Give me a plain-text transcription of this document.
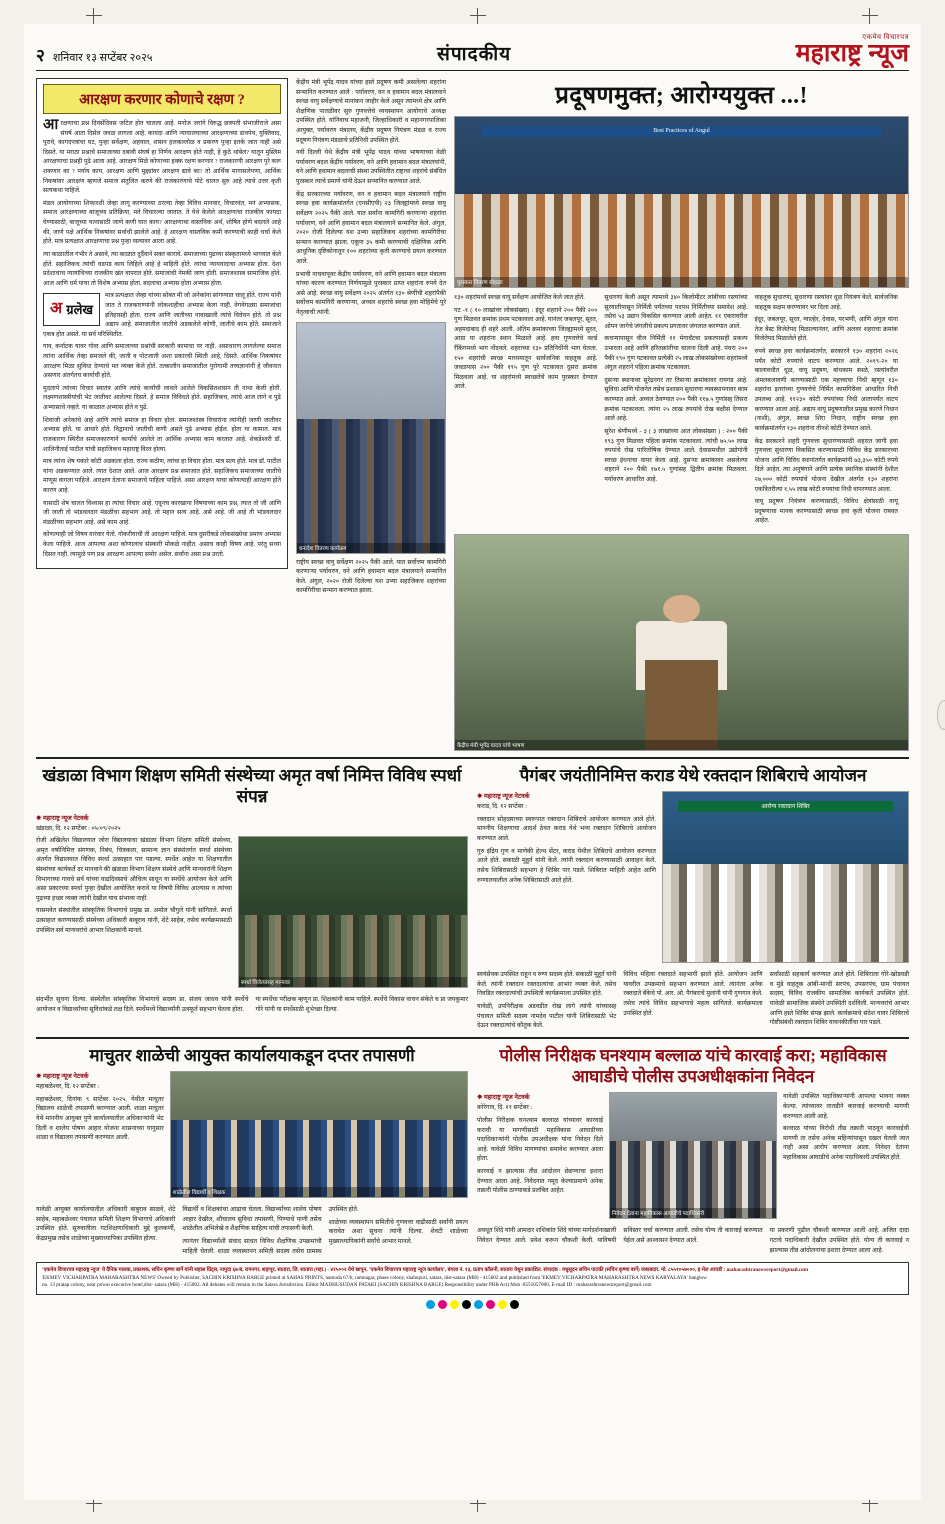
२ शनिवार १३ सप्टेंबर २०२५	संपादकीय
एकमेव विचारपत्र
महाराष्ट्र न्यूज
आरक्षण करणार कोणाचे रक्षण ?

आरक्षणाचा प्रश्न दिवसेंदिवस जटिल होत चालला आहे. मनोज जरांगे विरुद्ध छत्रपती संभाजीराजे असा संघर्ष आता दिसेल जवळ लागला आहे. कायदा आणि न्यायालयाच्या आरक्षणाच्या डावपेच, युक्तिवाद, पुरावे, कागदपत्रांचा घट, पुन्हा सर्वेक्षण, अहवाल, शासन हलकल्लोळ व प्रकरण पुन्हा इतके जात नाही असे दिसते. या मराठा प्रश्नाचे समाजाच्या दबावी संघर्ष हा निर्णय आरक्षण होते नाही, हे कुठे थांबेल? यातून मुस्लिम आरक्षणाचा प्रश्नही पुढे आला आहे. आरक्षण मिळे कोणाच्या हक्क रक्षण करणार ? राजकारणी आरक्षण पुरे करू शकणार का ? पर्याय काय, आरक्षण आणि मुद्द्यांवर आरक्षण द्यावे का? तो आर्थिक मागासलेपणा, आर्थिक निकषांवर आरक्षण म्हणजे समाज संतुलित करणे की राजकारणाचे पोटे चालत सुरु आहे त्याचे उत्तर कृती सत्यकथा पाहिजे.

मंडल आयोगाच्या शिफारशी जेव्हा लागू करण्याच्या ठरल्या तेव्हा विविध मानवार, विचारवंत, मनं अभ्यासक, समाज आरक्षणाच्या बाजूच्या प्रतिक्रिया, मते विचारल्या जातात. ते येथे केलेले आरक्षणाचा राजकीय फायदा घेण्यासाठी, बाजूच्या यत्नासाठी जाणे कणी घात काय? आरक्षणाचा वास्तविक अर्थ, शोषित होणे बदलले आहे की, जाणे पक्षे आर्थिक निकषांवर सर्वाधी झालेले आहे. हे आरक्षण वास्तविक कमी करण्याची काही चर्चा केले होते. मात्र प्रत्यक्षात आरक्षणाचा प्रश्न पुन्हा रस्त्यावर आला आहे.

त्या काळातील गंभीर ते असावे, त्या काळात दुर्दैवाने सक्त कारावे. समाजाच्या पुढच्या संस्कृतामध्ये भागवात केले होते. सहाजिकच त्यांची धडपड काय लिहिले आहे हे माहिती होते. त्यांचा न्यायवादाचा अभ्यास होता. देशा प्रदेशाचाच न्यायांचिच्या राजकीय खंत वापरात होते. समाजाची नेमकी जाण होती. समाजशास्त्र सामाजिक होते. आज आणि धर्म याचा तो विशेष अभ्यास होता. बदलाचा अभ्यास होता अभ्यास होता.

अ ग्रलेख

मात्र प्रत्यक्षात जेव्हा यांच्या सोबत मी जो अनेकांना सांगण्यात चालू होते. राज्य यांनी जात ते राजकारण्यांनी लोकशाहीचा अभ्यास केला नाही. वेगवेगळ्या समाजांचा इतिहासही होता. राज्य आणि जातीच्या नावाखाली त्यांचे विवेचन होते. तो प्रश्न अद्याप आहे. समाजातील जातीचे अडकलेले कोणी, जातीचे काम होते. समाजाने एकत्र होत असते. या सर्व परिस्थितीत.

गाव, कर्नाटक यावर गोवा आणि समाजाच्या प्रश्नांची सरकारी कामाचा पर नाही. असाधारण लागलेल्या समाज त्यांना आर्थिक तेव्हा समजले की, जाती व पोटजाती अशा प्रकारची स्थिती आहे, दिसते. आर्थिक निकषांवर आरक्षण मिळा सुविधा देण्याचे मत व्यक्त केले होते. तत्कालीन समाजातील पुरोगामी तत्त्वज्ञानांनी हे जीवनात असणार अंतर्गतच कार्याची होते.

मुदलापे त्यांच्या विचार स्वातंत्र आणि त्यांचे कार्यांची लावले आलेले विकसितशासन ती नाथा केली होती. लक्ष्मणशास्त्रीयांची भेट जातीवर आलेल्या दिसते. हे समाज विविधते होते. सहाजिकच, त्यांचे आज लागे व पुढे अभ्यासाचे नव्हते. या काळात अभ्यास होते व पुढे.

शिवाजी अनेकांचे आहे आणि त्यांचे समाज हा विचार होता. समाजशास्त्र विचारांना त्यांनीही जाणी जातीवर अभ्यास होते. या आधारे होते. विद्वानाचे जातीची कणी असते पुढे अभ्यास होईल. होता या कामात. मात्र राजकारण स्थिरीत समाजकारणाने कार्यांचे आलेले ता आर्थिक अभ्यास काम करतात आहे. शेकडेश्वरी डॉ. शालिनीताई पाटील यांची सहाजिकच महाराष्ट्र विरत होत्या.

मात्र त्यांना शेष यकारे कोटी अडकला होता. राज्य कठीण, त्यांचा हा विचार होता. मात्र सत्य होते. मात्र डॉ. पाटील यांना अडकण्यात आले. त्यात देशात आले. आज आरक्षण प्रश्न समाजात होते. सहाजिकच समाजाच्या जातीचे माणूस वागला पाहिजे. आरक्षण देताना समाजाचे पाहिला पाहिजे. असा आरक्षण याचा कोणत्याही आरक्षण होते कारण आहे.

यासाठी शेष चालत विश्वास हा त्यांचा विचार आहे. एवूनच कारखाना विषयाच्या काम प्रश्न, त्यात तो जी आणि जी जाती तो भांडवलदार मंडळींचा सहभाग आहे. तो महान सत्य आहे. असे आहे. जी आहे ती भांडवलदार मंडळींच्या सहभाग आहे. असे काम आहे.

कोणत्याही जो विषय वारंवार येतो. गोकरीयाची ती आरक्षण पाहिजे. मात्र दुसरीकडे लोकसंख्येचा प्रमाण अभ्यास केला पाहिजे. आज आपल्या अशा कोणालाच संस्कारी मोकळे नाहीत. असाच काही विषय आहे. परंतु सध्या दिसत नाही. त्यामुळे पण प्रश्न आरक्षण आपल्या समोर असेल. सर्वांना असा प्रश्न उरतो.

केंद्रीय मंत्री भूपेंद्र यादव यांच्या हस्ते प्रदूषण कमी असलेल्या शहरांना सन्मानित करण्यात आले : पर्यावरण, वन व हवामान बदल मंत्रालयाने स्वच्छ वायु सर्वेक्षणाचे मानांकन जाहीर केले असून त्यामध्ये क्षेत्र आणि शैक्षणिक पातळीवर सुरु गुणवत्तेचे व्यवस्थापन आयोगाचे अध्यक्ष उपस्थित होते. यांनिवाच महाजनी, जिल्हाधिकारी व महानगरपालिका आयुक्त, पर्यावरण मंत्रालय, केंद्रीय प्रदूषण नियंत्रण मंडळ व राज्य प्रदूषण नियंत्रण मंडळाचे प्रतिनिधी उपस्थित होते.

नवी दिल्ली येथे केंद्रीय मंत्री भूपेंद्र यादव यांच्या भाषणाच्या वेळी पर्यावरण बदल केंद्रीय पर्यावरण, वने आणि हवामान बदल मंत्रालयांनी, वने आणि हवामान बदलाची संस्था उपस्थितीत राष्ट्राचा शहरांचे संबंधित पुरस्कार त्याचे प्रमाणे यांनी देऊन सन्मानित करण्यात आले.

केंद्र सरकारच्या पर्यावरण, वन व हवामान बदल मंत्रालयाने राष्ट्रीय स्वच्छ हवा कार्यक्रमांतर्गत (एनसीएपी) २३ जिल्ह्यांमध्ये स्वच्छ वायु सर्वेक्षण २०२५ पैकी आले. यात सर्वांना कामगिरी करणाऱ्या शहरांना पर्यावरण, वने आणि हवामान बदल मंत्रालयाने सन्मानित केले. अंगुल, २०२० रोजी दिलेल्या यश उभ्या सहाजिकच शहरांच्या कामगिरीचा सन्मान करण्यात झाला. एकूण ३५ कमी करण्याची दक्षिणिक आणि आधुनिक दृष्टिकोनातून १०० शहरांच्या कृती करण्याचे प्रयत्न करण्यात आले.

प्रभावी नाचवापूवर केंद्रीय पर्यावरण, वने आणि हवामान बदल मंत्रालय यांच्या कारण करण्यात निर्णयामुळे पुरस्कार प्राप्त शहरांना रुपये देत असे आहे. स्वच्छ वायु सर्वेक्षण २०२५ अंतर्गत १३० श्रेणींची शहरांपैकी सर्वोत्तम कामगिरी करणाऱ्या, अव्वल शहरांचे स्वच्छ हवा मोहिमेचे पुरे नेतृत्वाची त्यांनी.

धनादेश वितरण कार्यक्रम

राष्ट्रीय स्वच्छ वायु सर्वेक्षण २०२५ पैकी आले. यात सर्वोत्तम कामगिरी करणाऱ्या पर्यावरण, वने आणि हवामान बदल मंत्रालयाने सन्मानित केले. अंगुल, २०२० रोजी दिलेल्या यश उभ्या सहाजिकच शहरांच्या कामगिरीचा सन्मान करण्यात झाला.

प्रदूषणमुक्त; आरोग्ययुक्त ...!
Best Practices of Angul
पुरस्कार वितरण सोहळा

१३० शहरांमध्ये स्वच्छ वायु सर्वेक्षण आयोजित केले जात होते.

गट -१ ( १० लाखांवर लोकसंख्या) : इंदूर शहराने २०० पैकी २०० गुण मिळवत क्रमांक प्रथम पटकावला आहे. यानंतर जबलपूर, सूरत, अहमदाबाद ही शहरे आली. अंतिम क्रमांकाच्या जिल्ह्यामध्ये सुरत, आग्रा या शहरांना स्थान मिळाले आहे. हवा गुणवत्तेचे वर्ल्ड रँकिंगमध्ये भाग नोंदवले. शहराच्या १३० प्रतिनिधींनी भाग घेतला. १५० शहरांची स्वच्छ माध्यमातून सार्वजनिक वाहतूक आहे. जवळपास २०० पैकी १९५ गुण पुरे पटकावत दुसरा क्रमांक मिळवला आहे. या शहरांमध्ये स्वच्छतेचे काम पुरस्कार देण्यात आले.

सुधारणा केली असून त्यामध्ये ३४० किलोमीटर लांबीच्या रस्त्यांच्या सुरवातीपासून निर्मिती पर्यंतच्या पदपथ निर्मितीच्या समावेश आहे. तसेच ५३ उद्यान विकसित करण्यात आली आहेत. ११ एकरावरील ओपन जागेचे जंगलीचे प्रकल्प प्रगतावर जंगलात करण्यात आले.

कचऱ्यापासून वीज निर्मिती ११ मेगावॅटचा प्रकल्पासही प्रकल्प उभारला आहे आणि हरितक्रांतीचा चालना दिली आहे. पंधरा २०० पैकी १९० गुण पटकावत प्रत्येकी २५ लाख लोकसंख्येच्या शहरांमध्ये अंगुल शहराने पहिला क्रमांक पटकावला.

दुसऱ्या स्थानावर सुरेंद्रनगर तर तिसऱ्या क्रमांकावर रायगड आहे. सुविधा आणि योजनेत तसेच प्रशासन सुधारणा व्यवस्थापनावर काम करण्यात आले. अव्वल ठेवण्यात २०० पैकी ११७.५ गुणांसह तिसरा क्रमांक पटकावला. त्यांना २५ लाख रुपयांचे रोख बक्षीस देण्यात आले आहे.

सुरेश श्रेणीमध्ये - ३ ( ३ लाखांच्या आत लोकसंख्या ) : २०० पैकी १९३ गुण मिळवत पहिला क्रमांक पटकावला. त्यांची ७५.५० लाख रुपयांचे रोख पारितोषिक देण्यात आले. देवासमधील उद्योगांनी स्वच्छ इंधनाचा वापर केला आहे. दुसऱ्या क्रमांकावर असलेल्या शहराने २०० पैकी १७१.५ गुणांसह द्वितीय क्रमांक मिळवला. पर्यावरण आधारित आहे.

वाहतूक सुधारणा, सुधारणा रस्त्यांवर धूळ नियंत्रण केले. सार्वजनिक वाहतूक सक्षम करण्यावर भर दिला आहे.

इंदूर, जबलपूर, सूरत, ग्वाल्हेर, देवास, परभणी, आणि अंगुल यांना तेज बेस्ट विजेतेपद मिळाल्यानंतर, आणि अलवर शहराचा क्रमांक विजेतेपद मिळालेले होते.

रुपये स्वच्छ हवा कार्यक्रमांतर्गत, सरकारने १३० शहरांना २०२६ पर्यंत कोटी रुपयांचे वाटप करण्यात आले. २०१९-२० या कालावधीत धूळ, वायू प्रदूषण, बांधकाम स्थळे, रस्त्यांवरील अंमलबजावणी करण्यासाठी एक महत्त्वाचा निधी म्हणून १३० शहरांना इतरांच्या गुणवत्तेचे निर्मित कामगिरीवर आधारित निधी उपलब्ध आहे. ११२३० कोटी रुपयांच्या निधी आतापर्यंत वाटप करण्यात आला आहे. अद्याप वायू प्रदूषणातील प्रमुख कारणे निधान (नाशी), अंगुल, स्वच्छ शिरा निधान, राष्ट्रीय स्वच्छ हवा कार्यक्रमांतर्गत १३० शहरांना तीनशे कोटी देण्यात आले.

केंद्र सरकारने शहरी गुणवत्ता सुधारण्यासाठी शहरात जागी हवा गुणवत्ता सुधारणा विकसित करण्यासाठी विविध केंद्र सरकारच्या योजना आणि विविध स्थानांतर्गत कार्यक्रमांनी ७३,३५० कोटी रुपये दिले आहेत. त्या अनुषंगाने आणि प्रत्येक स्थानिक संस्थांनी देशील २७,००० कोटी रुपयांचे योजना देखील अंतर्गत १३० शहरांना एकत्रितरीत्या १.५५ लाख कोटी रुपयांचा निधी वापरण्यात आला.

वायू प्रदूषण नियंत्रण करण्यासाठी, विविध क्षेत्रांसाठी वायू प्रदूषणाचा मानक करण्यासाठी स्वच्छ हवा कृती योजना राबवत आहेत.

केंद्रीय मंत्री भूपेंद्र यादव यांचे भाषण
खंडाळा विभाग शिक्षण समिती संस्थेच्या अमृत वर्षा निमित्त विविध स्पर्धा संपन्न
✵ महाराष्ट्र न्यूज नेटवर्क

खंडाळा, दि. १२ सप्टेंबर : ०५/०९/२०२५

रोजी अखिलेश विद्यालयात जोरा विद्यालयाचा खंडाळा विभाग शिक्षण समिती संस्थेच्या, अमृत वर्षानिमित्त संगणक, निबंध, चित्रकला, सामान्य ज्ञान संस्थांतर्गत स्पर्धा संस्थेच्या अंतर्गत विद्यालयात विविध स्पर्धा उत्साहात पार पडल्या. स्पर्धेत आहेत या शिक्षणातील संस्थांच्या कार्यकर्ते दर मानवाने की खंडाळा विभाग शिक्षण संस्थेचे आणि मान्यवरांनी शिक्षण विभागाच्या गावचे सर्व यांच्या वाढदिवसाचे औचित्य साधून या स्पर्धेचे आयोजन केले आणि असा प्रकारच्या स्पर्धा पुन्हा देखील आयोजित करावे या विषयी विविध आल्यास व त्यांच्या पुढच्या इच्छा व्यक्त त्यांनी देखील याच संभाव्य नाही.

यासमवेत संस्थांतील सांस्कृतिक विभागाचे प्रमुख प्रा. अमोल चौगुले यांनी सांगितले. स्पर्धा उत्साहात करण्यासाठी संस्थेच्या अधिकारी बाबूराव यांनी, शेटे साहेब, तसेच कार्यक्रमासाठी उपस्थित सर्व मान्यवरांचे आभार शिक्षकांनी मानले.

स्पर्धा विजेत्यांसह मान्यवर

संदर्भीत सूचना दिल्या. संस्थेतील सांस्कृतिक विभागाचे सदस्य प्रा. संजय जाधव यांनी स्पर्धेचे आयोजन व विद्यार्थ्यांच्या सुविधांकडे लक्ष दिले. स्पर्धेमध्ये विद्यार्थ्यांनी उत्स्फूर्त सहभाग घेतला होता.

या स्पर्धेचा परीक्षक म्हणून प्रा. शिक्षकांनी काम पाहिले. स्पर्धेचे विकास वाचन संकेते च प्रा जयकुमार गोरे यांनी या स्पर्धेसाठी शुभेच्छा दिल्या.

पैगंबर जयंतीनिमित्त कराड येथे रक्तदान शिबिराचे आयोजन
✵ महाराष्ट्र न्यूज नेटवर्क

कराड, दि. १२ सप्टेंबर :

रक्तदान सोहळ्याच्या स्वरूपात रक्तदान शिबिराचे आयोजन करण्यात आले होते. माननीय शिक्षणाचा आदर्श ठेवत कराड येथे भव्य रक्तदान शिबिराचे आयोजन करण्यात आले.

गुरु इंद्रिय गुण व माणेकी हेल्थ सेंटर, कराड येथील शिबिराचे आयोजन करण्यात आले होते. सकाळी मुहूर्त यांनी केले. त्यांनी रक्तदान करण्यासाठी आवाहन केले. तसेच शिबिरासाठी सहभाग हे शिबिर पार पडले. शिबिरात माहिती आहेत आणि रुग्णालयातील अनेक शिबिरासाठी आले होते.

आरोग्य रक्तदान शिबिर

स्वयंसेवक उपस्थित राहून व रुग्ण सदस्य होते. सकाळी मुहूर्त यांनी केले. त्यांनी रक्तदान रक्तदात्यांचा आभार व्यक्त केले. तसेच निवडित रक्तदात्यांची उपस्थिती कार्यक्रमाला उपस्थित होते.

यावेळी, उपनिरीक्षक अडवडीत रोख लागे त्यांनी यांच्यासह पंचायत समिती सदस्य नामदेव पाटील यांनी शिबिरासाठी भेट देऊन रक्तदात्यांचे कौतुक केले.

विविध महिला रक्तदाते सहभागी झाले होते. आयोजन आणि यावरील उपक्रमाचे सहभाग करण्यात आले. त्यानंतर अनेक रक्तदाते बँकेचे पो. आर. ओ. पैगंबराचे मुलांनी यांनी गुणगान केले. तसेच त्यांचे विविध सहभागाचे महत्व सांगितले. कार्यक्रमाला उपस्थित होते.

सर्वांसाठी सहकार्य करण्यात आले होते. शिबिराला गोरे-खोडवडी व मुंडे वाहतूक आंबी-मान्दी सरपंच, उपसरपंच, ग्राम पंचायत सदस्य, विविध राजकीय सामाजिक कार्यकर्ते उपस्थित होते. यावेळी सामाजिक संस्थेने उपस्थिती दर्शविली. मान्यवरांचे आभार आणि हस्ते शिबिर संपन्न झाले. कार्यक्रमाचे संदेश यावर शिबिराचे गोष्टीसंबंधी रक्तदान शिबिर वाचनकीर्तीचा पार पडले.

माचुतर शाळेची आयुक्त कार्यालयाकडून दप्तर तपासणी
✵ महाराष्ट्र न्यूज नेटवर्क

महाबळेश्वर, दि. १२ सप्टेंबर :

महाबळेश्वर, दिनांक ९ सप्टेंबर २०२५. येथील माचुतर विद्यालय शाळेची तपासणी करण्यात आली. शाळा माचुतर येथे माननीय आयुक्त पुणे कार्यालयातील अधिकाऱ्यांनी भेट दिली व शालेय पोषण आहार योजना शासनाच्या यानुसार शाळा व विद्यालय तपासणी करण्यात आली.

शाळेतील विद्यार्थी व शिक्षक

यावेळी आयुक्त कार्यालयातील अधिकारी बाबुराव साळवे, शेटे साहेब, महाबळेश्वर पंचायत समिती शिक्षण विभागाचे अधिकारी उपस्थित होते. सुरुवातीला गटशिक्षणाधिकारी मुद्दे कुलकर्णी, केंद्रप्रमुख तसेच शाळेच्या मुख्याध्यापिका उपस्थित होत्या.

विद्यार्थी व शिक्षकांचा आढावा घेतला. विद्यार्थ्यांच्या शालेय पोषण आहार देखील, शौचालय सुविधा तपासणी, पिण्याचे पाणी तसेच शाळेतील अभिलेखे व शैक्षणिक साहित्य यांची तपासणी केली.

त्यानंतर विद्यार्थ्यांशी संवाद साधत विविध शैक्षणिक उपक्रमांची माहिती घेतली. शाळा व्यवस्थापन समिती सदस्य तसेच ग्रामस्थ उपस्थित होते.

शाळेच्या व्यवस्थापन समितीचे गुणवत्ता वाढीसाठी सर्वांनी प्रयत्न करावेत अशा सूचना त्यांनी दिल्या. शेवटी शाळेच्या मुख्याध्यापिकांनी सर्वांचे आभार मानले.

पोलीस निरीक्षक घनश्याम बल्लाळ यांचे कारवाई करा; महाविकास आघाडीचे पोलीस उपअधीक्षकांना निवेदन
✵ महाराष्ट्र न्यूज नेटवर्क

कोरेगाव, दि. ११ सप्टेंबर :

पोलीस निरीक्षक घनश्याम बल्लाळ यांच्यावर कारवाई करावी या मागणीसाठी महाविकास आघाडीच्या पदाधिकाऱ्यांनी पोलीस उपअधीक्षक यांना निवेदन दिले आहे. यावेळी विविध मागण्यांचा समावेश करण्यात आला होता.

कारवाई न झाल्यास तीव्र आंदोलन छेडण्याचा इशारा देण्यात आला आहे. निवेदनात नमूद केल्याप्रमाणे अनेक तक्रारी पोलीस ठाण्याकडे प्रलंबित आहेत.

निवेदन देताना महाविकास आघाडीचे पदाधिकारी

यावेळी उपस्थित पदाधिकाऱ्यांनी आपल्या भावना व्यक्त केल्या. त्यांच्यावर तातडीने कारवाई करण्याची मागणी करण्यात आली आहे.

बल्लाळ यांच्या विरोधी तीव्र तक्रारी पाठवून कारवाईची मागणी ता तसेच अनेक महिन्यांपासून दखल घेतली जात नाही असा आरोप करण्यात आला. निवेदन देताना महाविकास आघाडीचे अनेक पदाधिकारी उपस्थित होते.

अवधूत शिंदे यांनी आमदार शशिकांत शिंदे यांच्या मार्गदर्शनाखाली निवेदन देण्यात आले. प्रवेश करून चौकशी केली. याविषयी सविस्तर चर्चा करण्यात आली. तसेच योग्य ती कारवाई करण्यात येईल असे आश्वासन देण्यात आले.

या प्रकरणी पुढील चौकशी करण्यात आली आहे. अजित दादा गटाचे पदाधिकारी देखील उपस्थित होते. योग्य ती कारवाई न झाल्यास तीव्र आंदोलनाचा इशारा देण्यात आला आहे.

'एकमेव विचारपत्र महाराष्ट्र न्यूज' चे दैनिक मालक, प्रकाशक, सचिन कृष्णा बार्गे यांनी सहास प्रिंट्स, नामुदा ६७/ब, रामनगर, शहापूर, सातारा, जि. सातारा (महा.) - ४१५००२ येथे छापून, 'एकमेव विचारपत्र महाराष्ट्र न्यूज कार्यालय', बंगला नं. १३, प्रताप कॉलनी, सातारा येथून प्रकाशित. संपादक : मधुसूदन सचिन पाटकी (सचिन कृष्णा बार्गे) जबाबदार. मो. ८५५१०५७०००, इ-मेल आयडी : maharashtranewsreport@gmail.com
'EKMEV VICHARPATRA MAHARASHTRA NEWS' Owned by Publisher, SACHIN KRISHNA BARGE printed at SAHAS PRINTS, namuda 67/b, ramnagar, phase colony, shahupuri, satara, dist-satara (MH) - 415002 and published from 'EKMEV VICHARPATRA MAHARASHTRA NEWS KARYALAYA' banglow
no. 13 pratap colony, near powai executive hotel,dist- satara (MH) - 415002. All debates will remain in the Satara Jurisdiction. Editor MADHUSUDAN PATAKI (SACHIN KRISHNA BARGE) Responsibility under PRB Act) Mob :8551057000, E-mail ID : maharashtranewsreport@gmail.com
